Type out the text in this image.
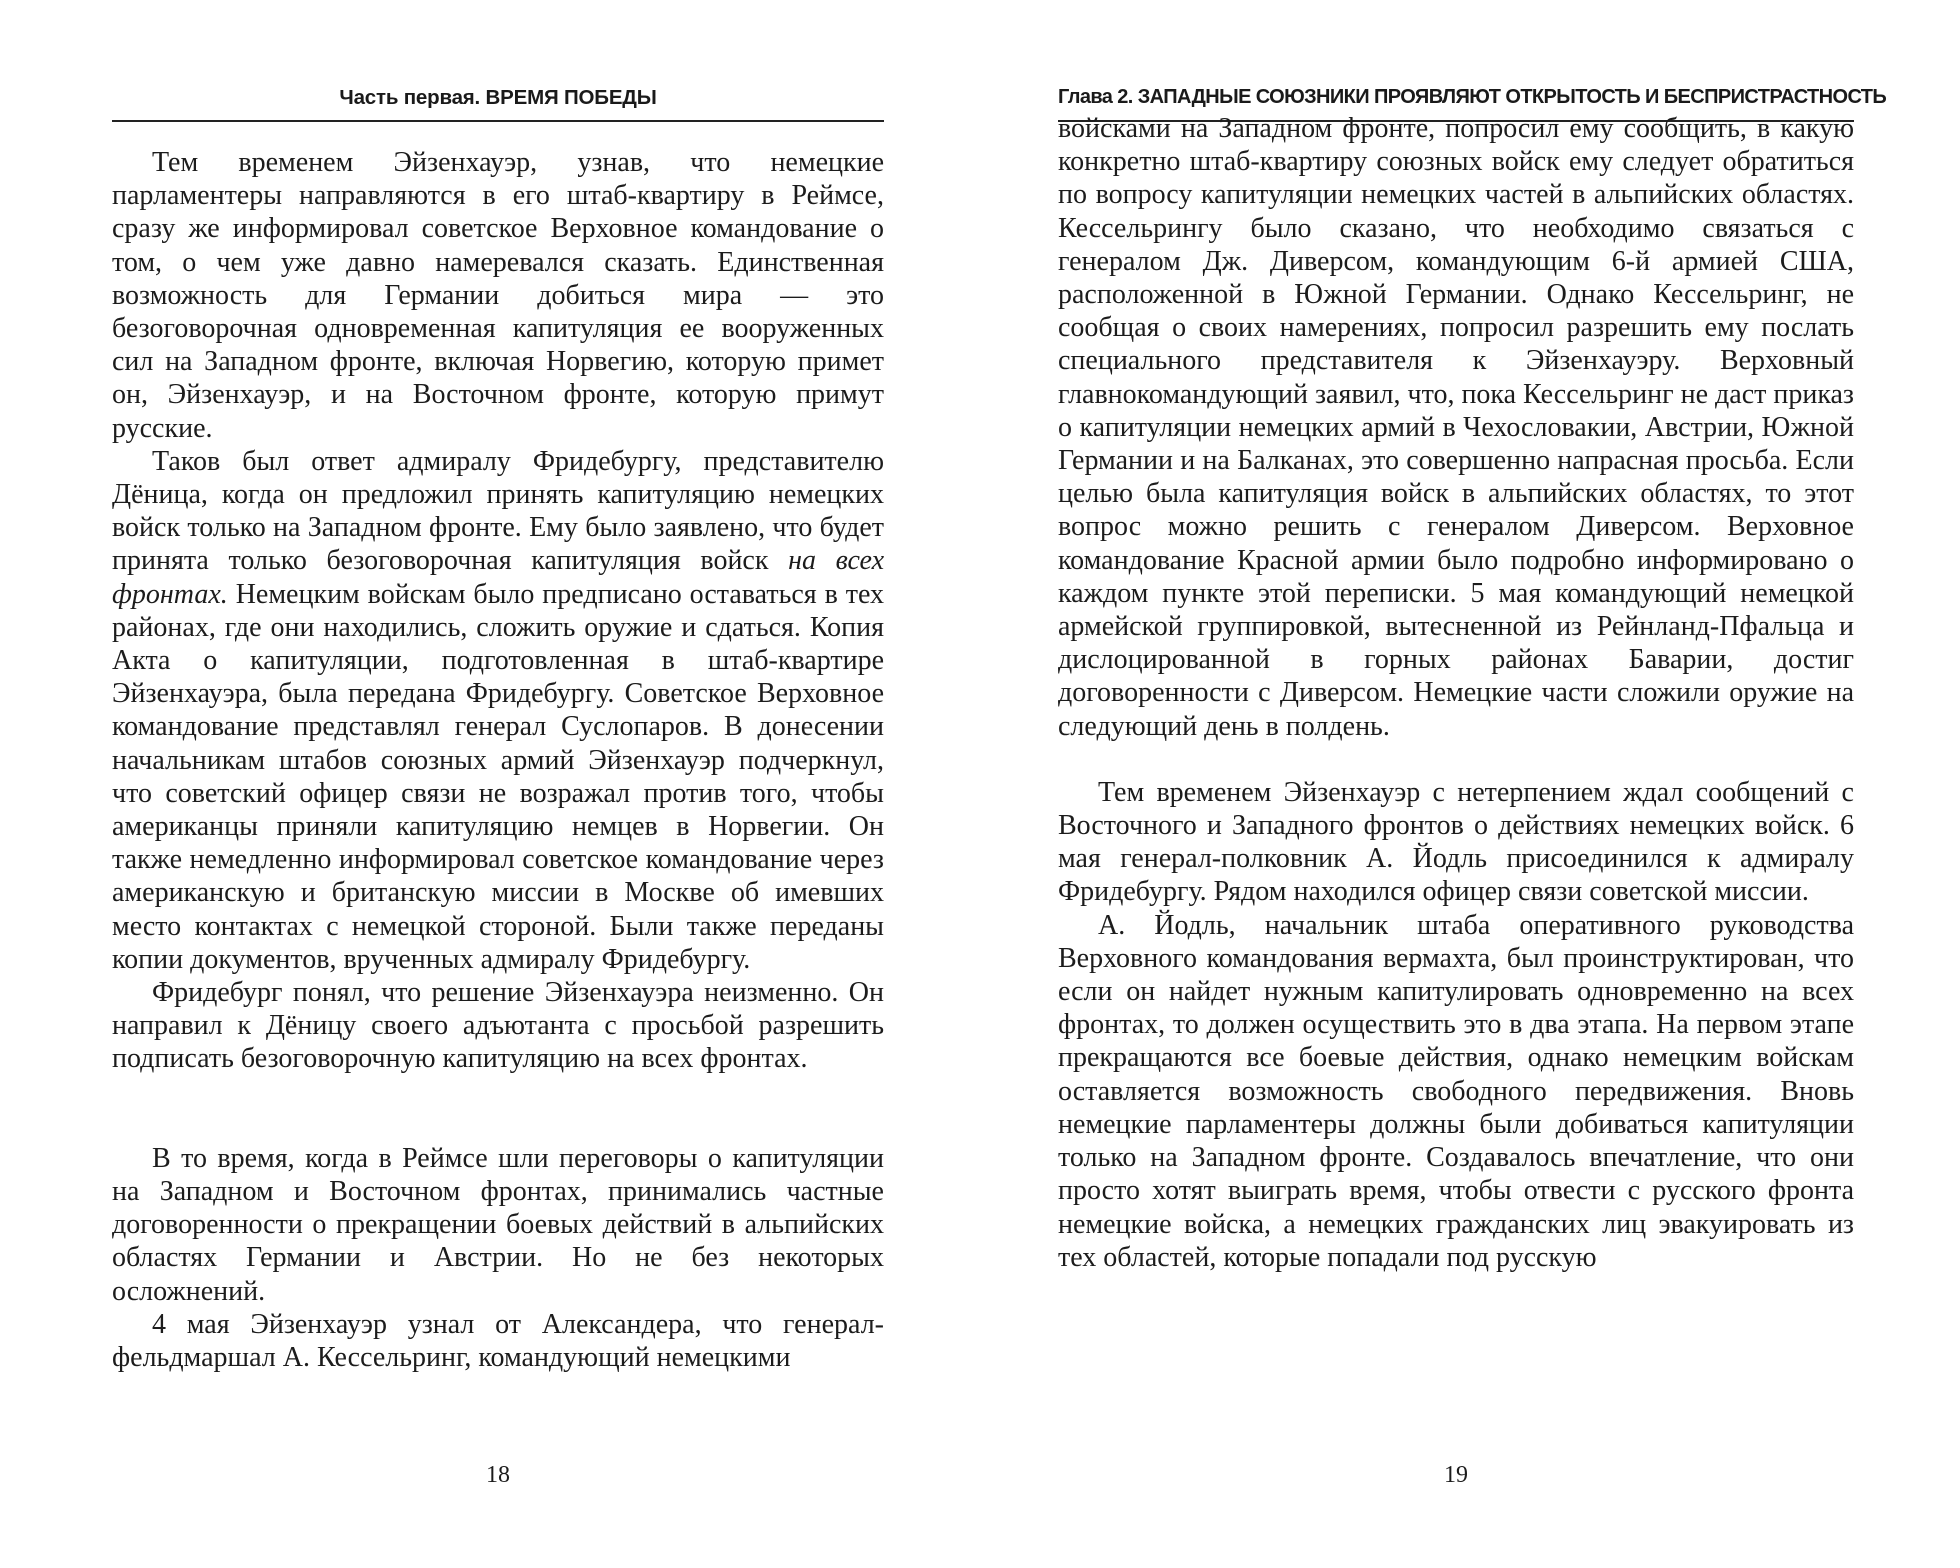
Часть первая. ВРЕМЯ ПОБЕДЫ

Тем временем Эйзенхауэр, узнав, что немецкие парламентеры направляются в его штаб-квартиру в Реймсе, сразу же информировал советское Верховное командование о том, о чем уже давно намеревался сказать. Единственная возможность для Германии добиться мира — это безоговорочная одновременная капитуляция ее вооруженных сил на Западном фронте, включая Норвегию, которую примет он, Эйзенхауэр, и на Восточном фронте, которую примут русские.

Таков был ответ адмиралу Фридебургу, представителю Дёница, когда он предложил принять капитуляцию немецких войск только на Западном фронте. Ему было заявлено, что будет принята только безоговорочная капитуляция войск на всех фронтах. Немецким войскам было предписано оставаться в тех районах, где они находились, сложить оружие и сдаться. Копия Акта о капитуляции, подготовленная в штаб-квартире Эйзенхауэра, была передана Фридебургу. Советское Верховное командование представлял генерал Суслопаров. В донесении начальникам штабов союзных армий Эйзенхауэр подчеркнул, что советский офицер связи не возражал против того, чтобы американцы приняли капитуляцию немцев в Норвегии. Он также немедленно информировал советское командование через американскую и британскую миссии в Москве об имевших место контактах с немецкой стороной. Были также переданы копии документов, врученных адмиралу Фридебургу.

Фридебург понял, что решение Эйзенхауэра неизменно. Он направил к Дёницу своего адъютанта с просьбой разрешить подписать безоговорочную капитуляцию на всех фронтах.

В то время, когда в Реймсе шли переговоры о капитуляции на Западном и Восточном фронтах, принимались частные договоренности о прекращении боевых действий в альпийских областях Германии и Австрии. Но не без некоторых осложнений.

4 мая Эйзенхауэр узнал от Александера, что генерал-фельдмаршал А. Кессельринг, командующий немецкими

18
Глава 2. ЗАПАДНЫЕ СОЮЗНИКИ ПРОЯВЛЯЮТ ОТКРЫТОСТЬ И БЕСПРИСТРАСТНОСТЬ

войсками на Западном фронте, попросил ему сообщить, в какую конкретно штаб-квартиру союзных войск ему следует обратиться по вопросу капитуляции немецких частей в альпийских областях. Кессельрингу было сказано, что необходимо связаться с генералом Дж. Диверсом, командующим 6-й армией США, расположенной в Южной Германии. Однако Кессельринг, не сообщая о своих намерениях, попросил разрешить ему послать специального представителя к Эйзенхауэру. Верховный главнокомандующий заявил, что, пока Кессельринг не даст приказ о капитуляции немецких армий в Чехословакии, Австрии, Южной Германии и на Балканах, это совершенно напрасная просьба. Если целью была капитуляция войск в альпийских областях, то этот вопрос можно решить с генералом Диверсом. Верховное командование Красной армии было подробно информировано о каждом пункте этой переписки. 5 мая командующий немецкой армейской группировкой, вытесненной из Рейнланд-Пфальца и дислоцированной в горных районах Баварии, достиг договоренности с Диверсом. Немецкие части сложили оружие на следующий день в полдень.

Тем временем Эйзенхауэр с нетерпением ждал сообщений с Восточного и Западного фронтов о действиях немецких войск. 6 мая генерал-полковник А. Йодль присоединился к адмиралу Фридебургу. Рядом находился офицер связи советской миссии.

А. Йодль, начальник штаба оперативного руководства Верховного командования вермахта, был проинструктирован, что если он найдет нужным капитулировать одновременно на всех фронтах, то должен осуществить это в два этапа. На первом этапе прекращаются все боевые действия, однако немецким войскам оставляется возможность свободного передвижения. Вновь немецкие парламентеры должны были добиваться капитуляции только на Западном фронте. Создавалось впечатление, что они просто хотят выиграть время, чтобы отвести с русского фронта немецкие войска, а немецких гражданских лиц эвакуировать из тех областей, которые попадали под русскую

19
